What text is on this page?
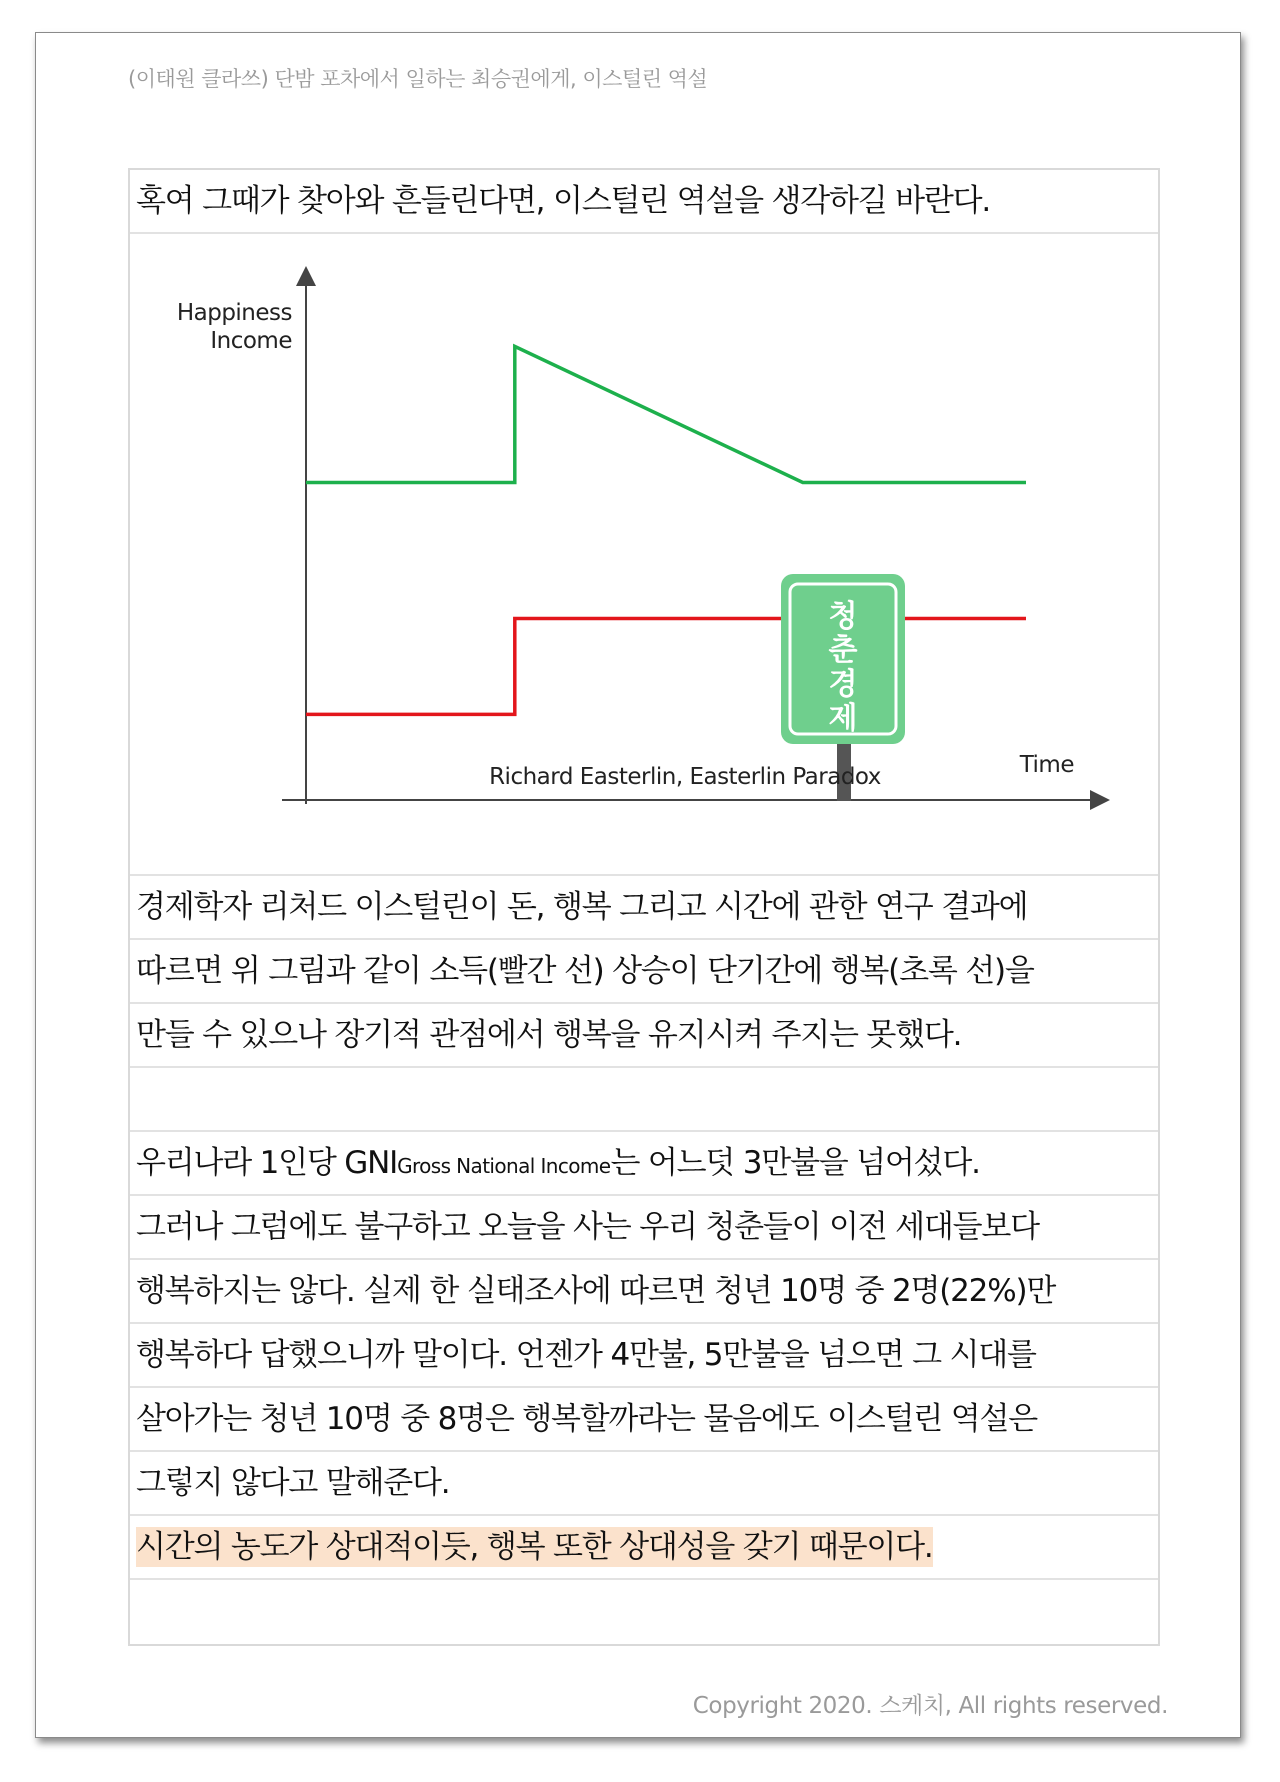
(이태원 클라쓰) 단밤 포차에서 일하는 최승권에게, 이스털린 역설
혹여 그때가 찾아와 흔들린다면, 이스털린 역설을 생각하길 바란다.
청
춘
경
제
Happiness
Income
Time
Richard Easterlin, Easterlin Paradox
경제학자 리처드 이스털린이 돈, 행복 그리고 시간에 관한 연구 결과에
따르면 위 그림과 같이 소득(빨간 선) 상승이 단기간에 행복(초록 선)을
만들 수 있으나 장기적 관점에서 행복을 유지시켜 주지는 못했다.
우리나라 1인당 GNIGross National Income는 어느덧 3만불을 넘어섰다.
그러나 그럼에도 불구하고 오늘을 사는 우리 청춘들이 이전 세대들보다
행복하지는 않다. 실제 한 실태조사에 따르면 청년 10명 중 2명(22%)만
행복하다 답했으니까 말이다. 언젠가 4만불, 5만불을 넘으면 그 시대를
살아가는 청년 10명 중 8명은 행복할까라는 물음에도 이스털린 역설은
그렇지 않다고 말해준다.
시간의 농도가 상대적이듯, 행복 또한 상대성을 갖기 때문이다.
Copyright 2020. 스케치, All rights reserved.
